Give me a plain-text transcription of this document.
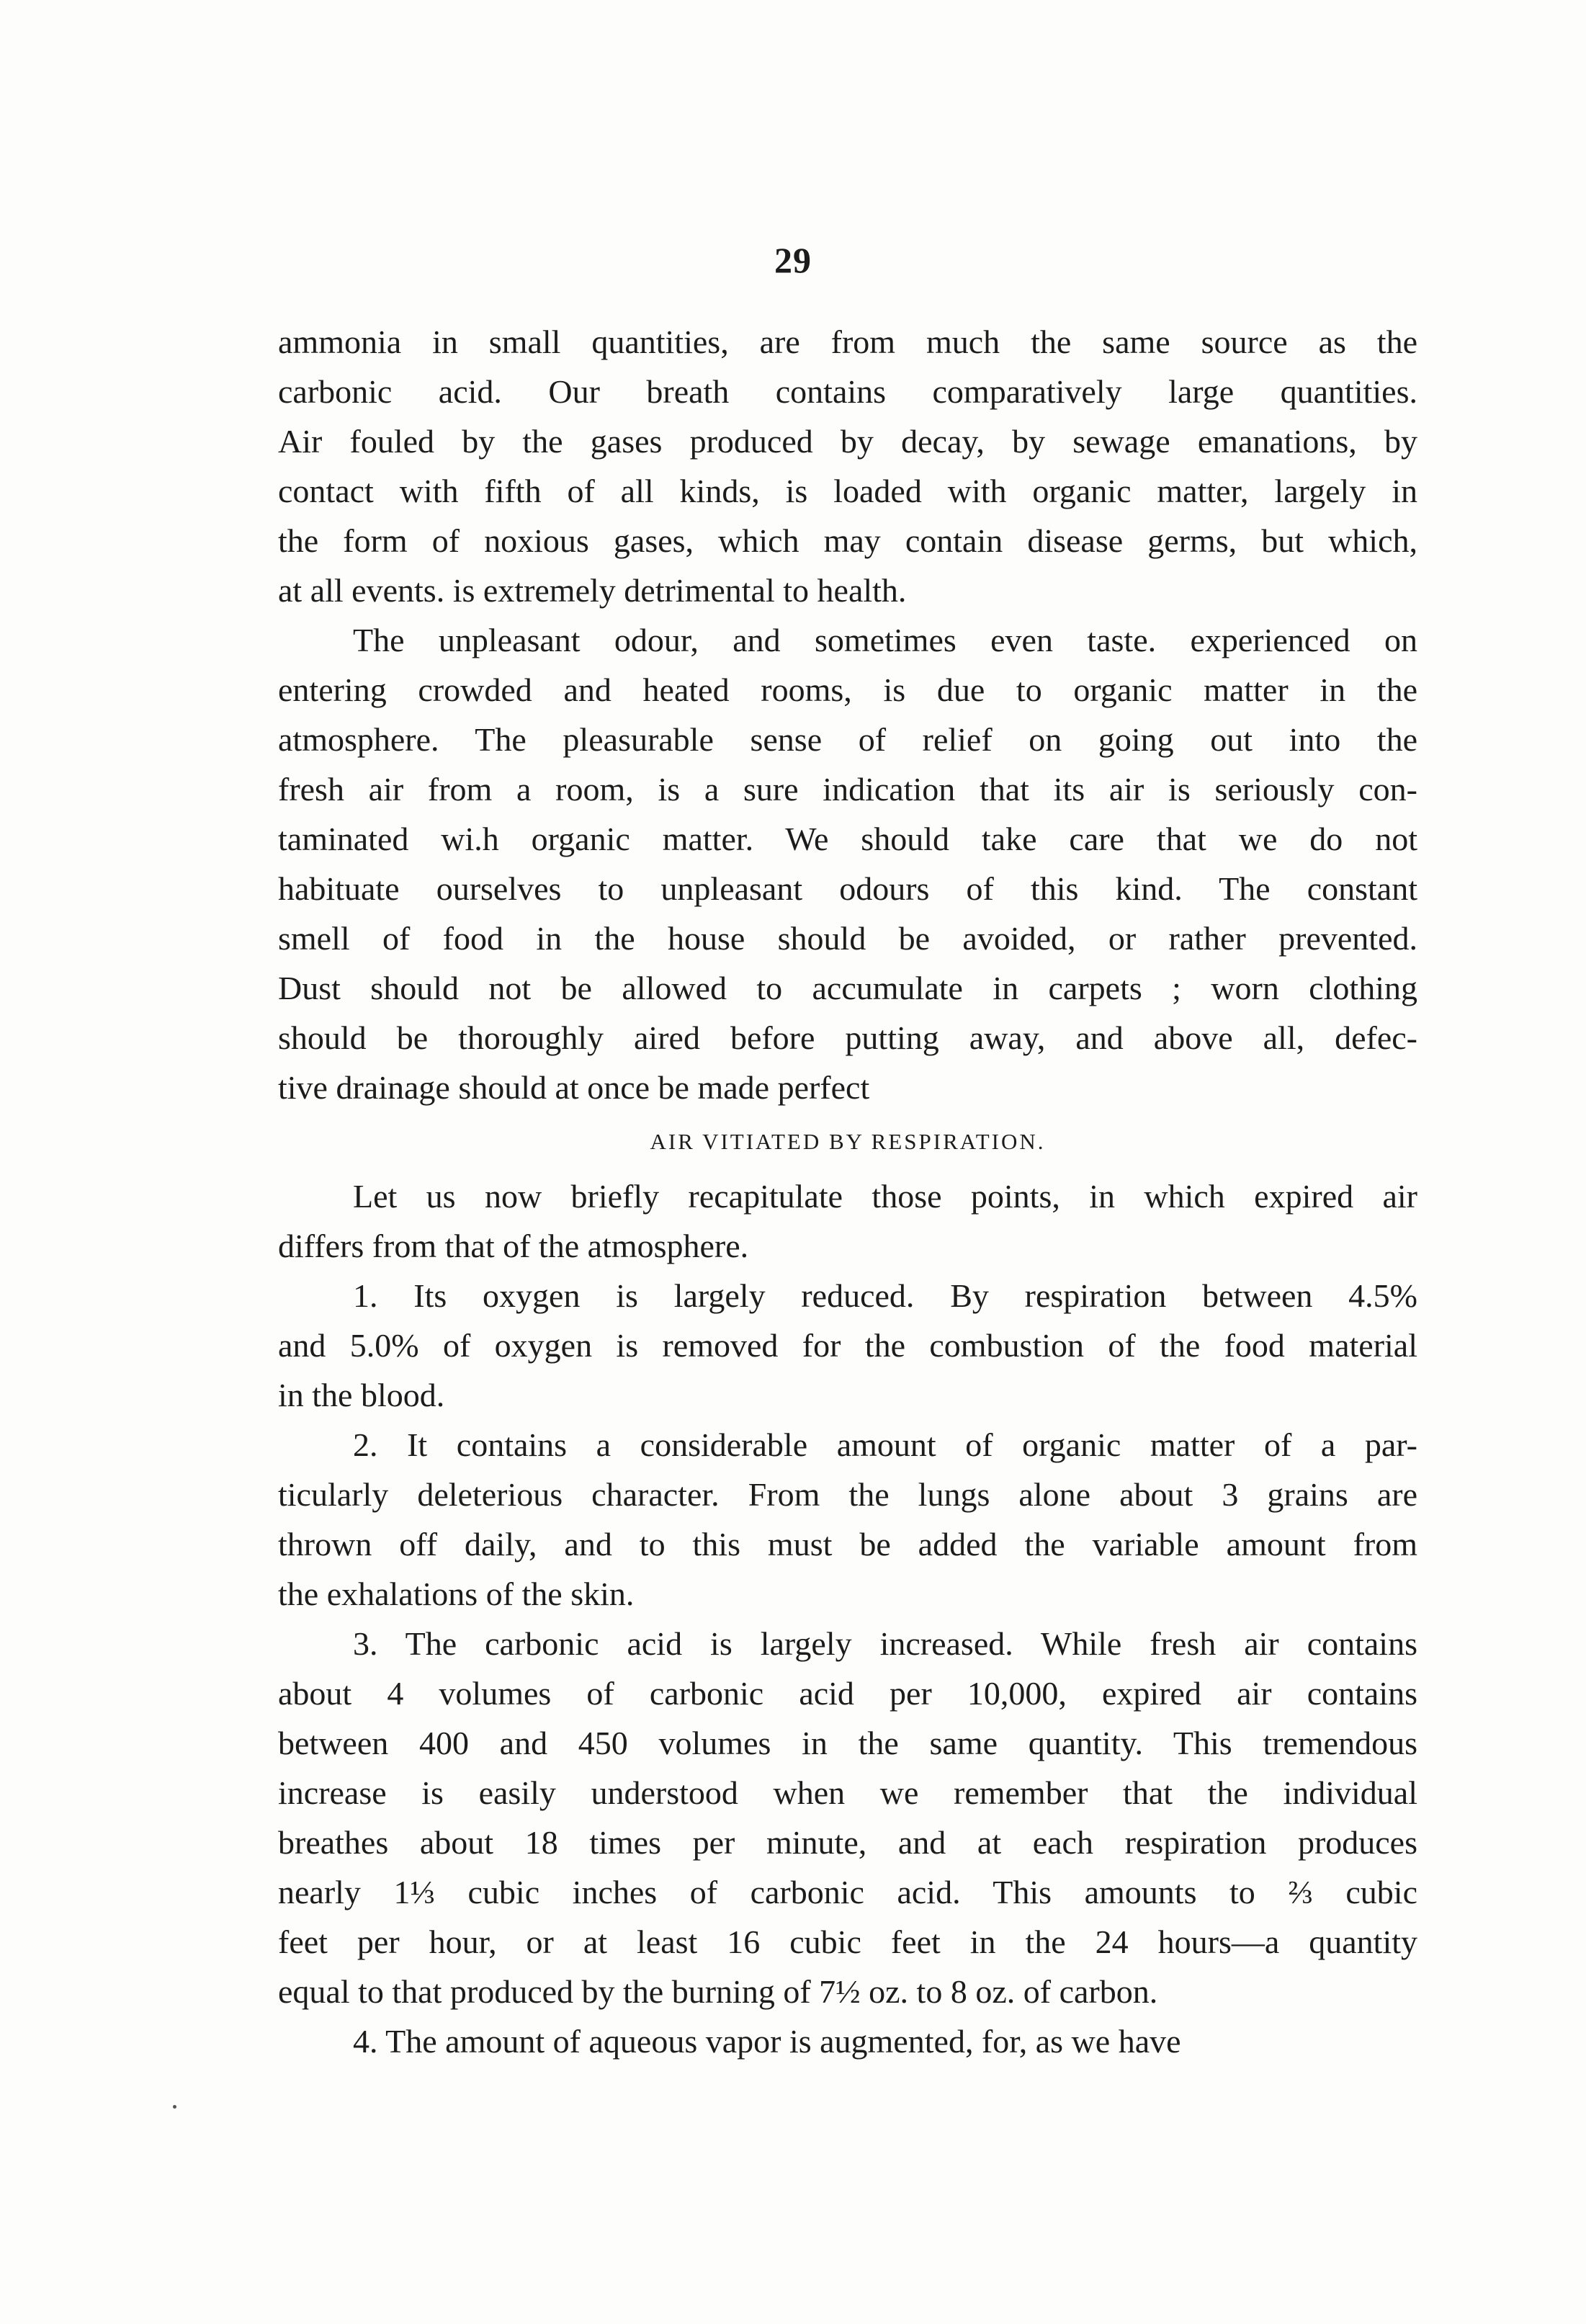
29
ammonia in small quantities, are from much the same source as the
carbonic acid. Our breath contains comparatively large quantities.
Air fouled by the gases produced by decay, by sewage emanations, by
contact with fifth of all kinds, is loaded with organic matter, largely in
the form of noxious gases, which may contain disease germs, but which,
at all events. is extremely detrimental to health.
The unpleasant odour, and sometimes even taste. experienced on
entering crowded and heated rooms, is due to organic matter in the
atmosphere. The pleasurable sense of relief on going out into the
fresh air from a room, is a sure indication that its air is seriously con-
taminated wi.h organic matter. We should take care that we do not
habituate ourselves to unpleasant odours of this kind. The constant
smell of food in the house should be avoided, or rather prevented.
Dust should not be allowed to accumulate in carpets ; worn clothing
should be thoroughly aired before putting away, and above all, defec-
tive drainage should at once be made perfect
AIR VITIATED BY RESPIRATION.
Let us now briefly recapitulate those points, in which expired air
differs from that of the atmosphere.
1. Its oxygen is largely reduced. By respiration between 4.5%
and 5.0% of oxygen is removed for the combustion of the food material
in the blood.
2. It contains a considerable amount of organic matter of a par-
ticularly deleterious character. From the lungs alone about 3 grains are
thrown off daily, and to this must be added the variable amount from
the exhalations of the skin.
3. The carbonic acid is largely increased. While fresh air contains
about 4 volumes of carbonic acid per 10,000, expired air contains
between 400 and 450 volumes in the same quantity. This tremendous
increase is easily understood when we remember that the individual
breathes about 18 times per minute, and at each respiration produces
nearly 1⅓ cubic inches of carbonic acid. This amounts to ⅔ cubic
feet per hour, or at least 16 cubic feet in the 24 hours—a quantity
equal to that produced by the burning of 7½ oz. to 8 oz. of carbon.
4. The amount of aqueous vapor is augmented, for, as we have
